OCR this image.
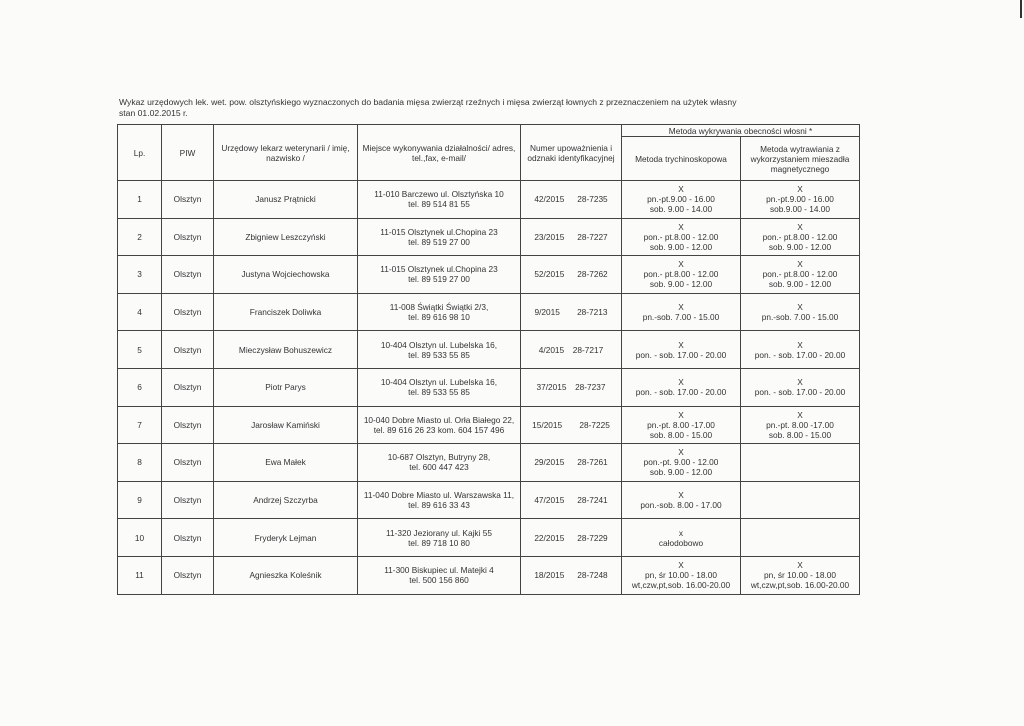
Wykaz urzędowych lek. wet. pow. olsztyńskiego wyznaczonych do badania mięsa zwierząt rzeźnych i mięsa zwierząt łownych z przeznaczeniem na użytek własny
stan 01.02.2015 r.
Lp.	PIW	Urzędowy lekarz weterynarii / imię, nazwisko /	Miejsce wykonywania działalności/ adres, tel.,fax, e-mail/	Numer upoważnienia i odznaki identyfikacyjnej	Metoda wykrywania obecności włosni *	
					Metoda trychinoskopowa	Metoda wytrawiania z wykorzystaniem mieszadła magnetycznego
1	Olsztyn	Janusz Prątnicki	11-010 Barczewo ul. Olsztyńska 10
tel. 89 514 81 55	42/2015   28-7235	X
pn.-pt.9.00 - 16.00
sob. 9.00 - 14.00	X
pn.-pt.9.00 - 16.00
sob.9.00 - 14.00

2	Olsztyn	Zbigniew Leszczyński	11-015 Olsztynek ul.Chopina 23
tel. 89 519 27 00	23/2015   28-7227	X
pon.- pt.8.00 - 12.00
sob. 9.00 - 12.00	X
pon.- pt.8.00 - 12.00
sob. 9.00 - 12.00

3	Olsztyn	Justyna Wojciechowska	11-015 Olsztynek ul.Chopina 23
tel. 89 519 27 00	52/2015   28-7262	X
pon.- pt.8.00 - 12.00
sob. 9.00 - 12.00	X
pon.- pt.8.00 - 12.00
sob. 9.00 - 12.00

4	Olsztyn	Franciszek Doliwka	11-008 Świątki Świątki 2/3,
tel. 89 616 98 10	9/2015    28-7213	X
pn.-sob. 7.00 - 15.00	X
pn.-sob. 7.00 - 15.00

5	Olsztyn	Mieczysław Bohuszewicz	10-404 Olsztyn ul. Lubelska 16,
tel. 89 533 55 85	4/2015  28-7217	X
pon. - sob. 17.00 - 20.00	X
pon. - sob. 17.00 - 20.00

6	Olsztyn	Piotr Parys	10-404 Olsztyn ul. Lubelska 16,
tel. 89 533 55 85	37/2015  28-7237	X
pon. - sob. 17.00 - 20.00	X
pon. - sob. 17.00 - 20.00

7	Olsztyn	Jarosław Kamiński	10-040 Dobre Miasto ul. Orła Białego 22,
tel. 89 616 26 23 kom. 604 157 496	15/2015    28-7225	X
pn.-pt. 8.00 -17.00
sob. 8.00 - 15.00	X
pn.-pt. 8.00 -17.00
sob. 8.00 - 15.00

8	Olsztyn	Ewa Małek	10-687 Olsztyn, Butryny 28,
tel. 600 447 423	29/2015   28-7261	X
pon.-pt. 9.00 - 12.00
sob. 9.00 - 12.00	

9	Olsztyn	Andrzej Szczyrba	11-040 Dobre Miasto ul. Warszawska 11,
tel. 89 616 33 43	47/2015   28-7241	X
pon.-sob. 8.00 - 17.00	

10	Olsztyn	Fryderyk Lejman	11-320 Jeziorany ul. Kajki 55
tel. 89 718 10 80	22/2015   28-7229	x
całodobowo	

11	Olsztyn	Agnieszka Koleśnik	11-300 Biskupiec ul. Matejki 4
tel. 500 156 860	18/2015   28-7248	X
pn, śr 10.00 - 18.00
wt,czw,pt,sob. 16.00-20.00	X
pn, śr 10.00 - 18.00
wt,czw,pt,sob. 16.00-20.00
